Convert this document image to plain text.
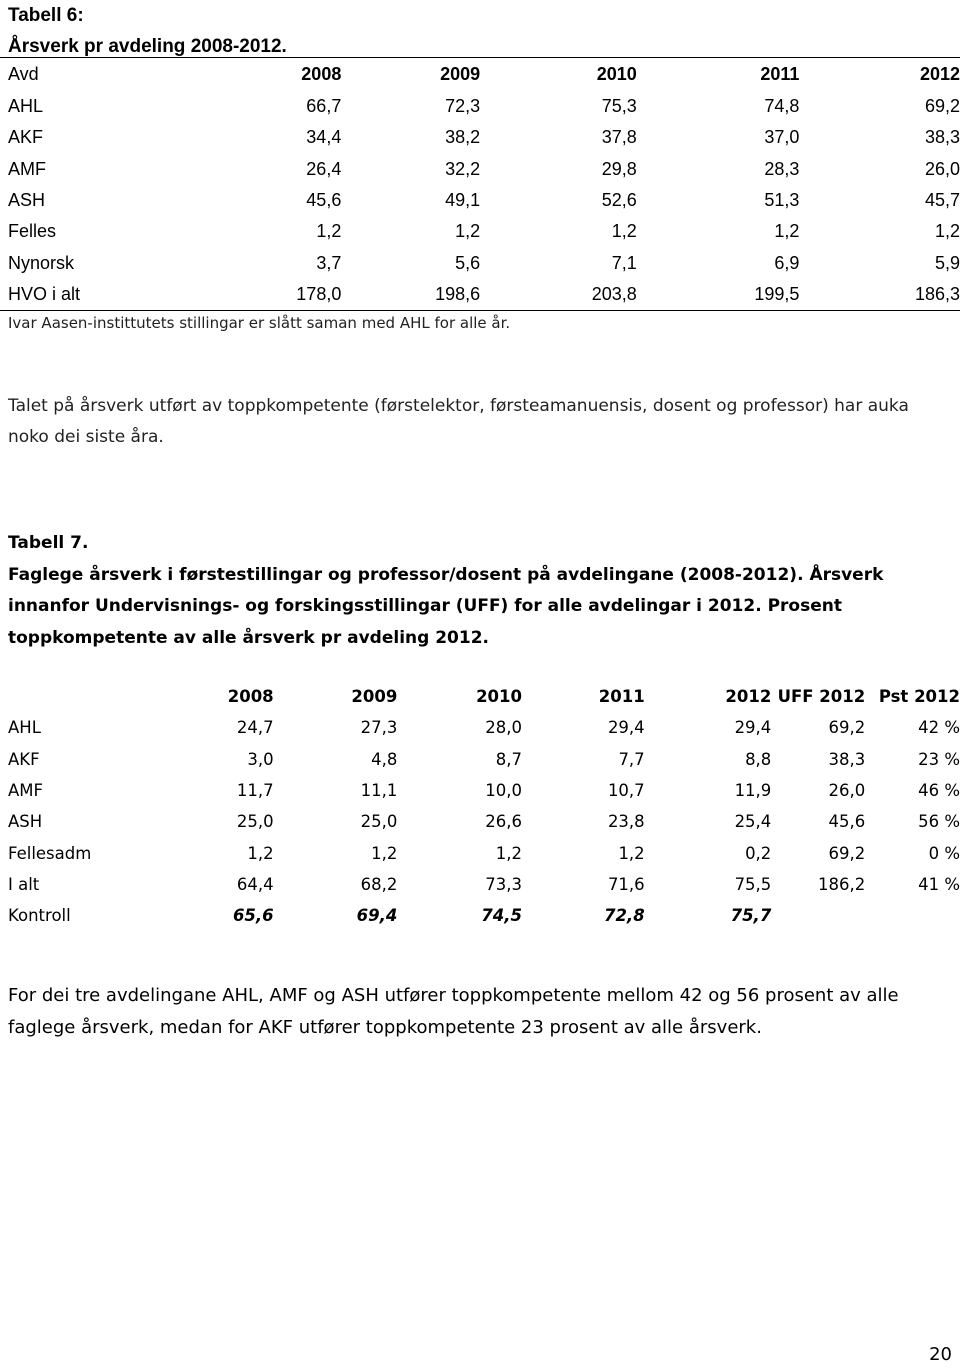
Tabell 6:
Årsverk pr avdeling 2008-2012.
Avd	2008	2009	2010	2011	2012
AHL	66,7	72,3	75,3	74,8	69,2
AKF	34,4	38,2	37,8	37,0	38,3
AMF	26,4	32,2	29,8	28,3	26,0
ASH	45,6	49,1	52,6	51,3	45,7
Felles	1,2	1,2	1,2	1,2	1,2
Nynorsk	3,7	5,6	7,1	6,9	5,9
HVO i alt	178,0	198,6	203,8	199,5	186,3
Ivar Aasen-instittutets stillingar er slått saman med AHL for alle år.
Talet på årsverk utført av toppkompetente (førstelektor, førsteamanuensis, dosent og professor) har auka noko dei siste åra.
Tabell 7.
Faglege årsverk i førstestillingar og professor/dosent på avdelingane (2008-2012). Årsverk innanfor Undervisnings- og forskingsstillingar (UFF) for alle avdelingar i 2012. Prosent toppkompetente av alle årsverk pr avdeling 2012.
	2008	2009	2010	2011	2012	UFF 2012	Pst 2012
AHL	24,7	27,3	28,0	29,4	29,4	69,2	42 %
AKF	3,0	4,8	8,7	7,7	8,8	38,3	23 %
AMF	11,7	11,1	10,0	10,7	11,9	26,0	46 %
ASH	25,0	25,0	26,6	23,8	25,4	45,6	56 %
Fellesadm	1,2	1,2	1,2	1,2	0,2	69,2	0 %
I alt	64,4	68,2	73,3	71,6	75,5	186,2	41 %
Kontroll	65,6	69,4	74,5	72,8	75,7		
For dei tre avdelingane AHL, AMF og ASH utfører toppkompetente mellom 42 og 56 prosent av alle faglege årsverk, medan for AKF utfører toppkompetente 23 prosent av alle årsverk.
20
